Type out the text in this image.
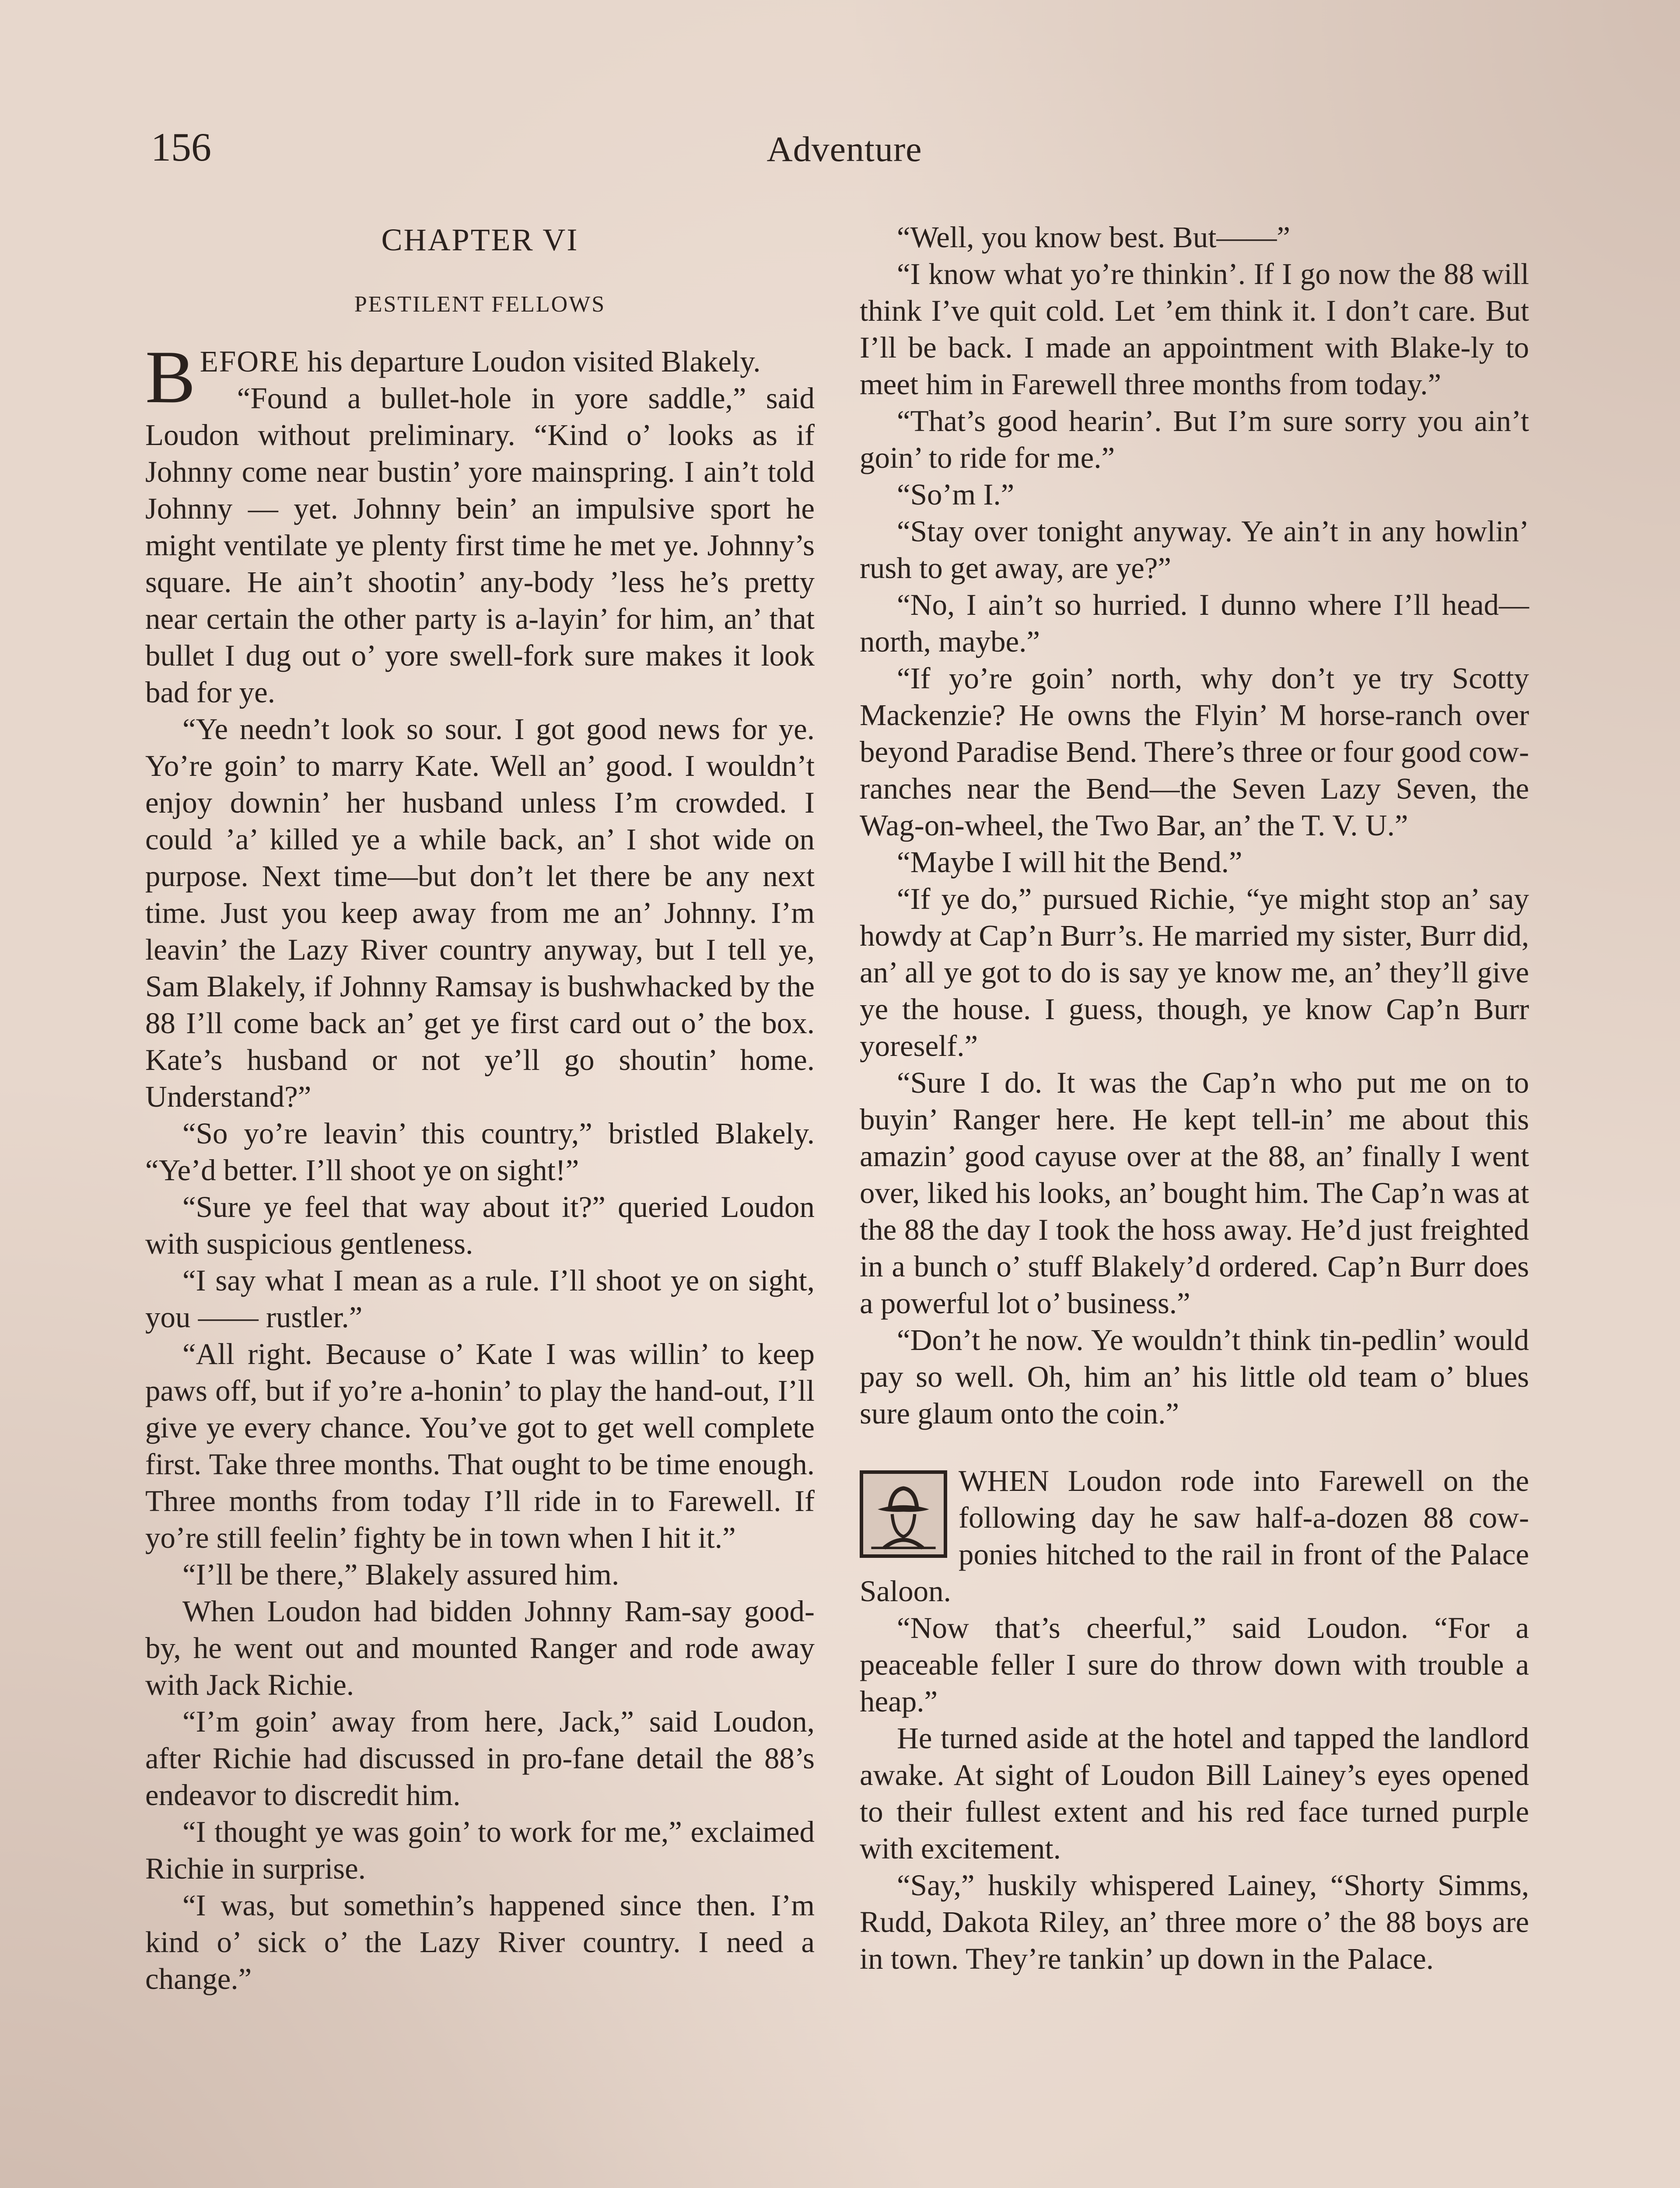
156	Adventure
CHAPTER VI
PESTILENT FELLOWS

BEFORE his departure Loudon visited Blakely.

“Found a bullet-hole in yore saddle,” said Loudon without preliminary. “Kind o’ looks as if Johnny come near bustin’ yore mainspring. I ain’t told Johnny — yet. Johnny bein’ an impulsive sport he might ventilate ye plenty first time he met ye. Johnny’s square. He ain’t shootin’ any-body ’less he’s pretty near certain the other party is a-layin’ for him, an’ that bullet I dug out o’ yore swell-fork sure makes it look bad for ye.

“Ye needn’t look so sour. I got good news for ye. Yo’re goin’ to marry Kate. Well an’ good. I wouldn’t enjoy downin’ her husband unless I’m crowded. I could ’a’ killed ye a while back, an’ I shot wide on purpose. Next time—but don’t let there be any next time. Just you keep away from me an’ Johnny. I’m leavin’ the Lazy River country anyway, but I tell ye, Sam Blakely, if Johnny Ramsay is bushwhacked by the 88 I’ll come back an’ get ye first card out o’ the box. Kate’s husband or not ye’ll go shoutin’ home. Understand?”

“So yo’re leavin’ this country,” bristled Blakely. “Ye’d better. I’ll shoot ye on sight!”

“Sure ye feel that way about it?” queried Loudon with suspicious gentleness.

“I say what I mean as a rule. I’ll shoot ye on sight, you —— rustler.”

“All right. Because o’ Kate I was willin’ to keep paws off, but if yo’re a-honin’ to play the hand-out, I’ll give ye every chance. You’ve got to get well complete first. Take three months. That ought to be time enough. Three months from today I’ll ride in to Farewell. If yo’re still feelin’ fighty be in town when I hit it.”

“I’ll be there,” Blakely assured him.

When Loudon had bidden Johnny Ram-say good-by, he went out and mounted Ranger and rode away with Jack Richie.

“I’m goin’ away from here, Jack,” said Loudon, after Richie had discussed in pro-fane detail the 88’s endeavor to discredit him.

“I thought ye was goin’ to work for me,” exclaimed Richie in surprise.

“I was, but somethin’s happened since then. I’m kind o’ sick o’ the Lazy River country. I need a change.”

“Well, you know best. But——”

“I know what yo’re thinkin’. If I go now the 88 will think I’ve quit cold. Let ’em think it. I don’t care. But I’ll be back. I made an appointment with Blake-ly to meet him in Farewell three months from today.”

“That’s good hearin’. But I’m sure sorry you ain’t goin’ to ride for me.”

“So’m I.”

“Stay over tonight anyway. Ye ain’t in any howlin’ rush to get away, are ye?”

“No, I ain’t so hurried. I dunno where I’ll head—north, maybe.”

“If yo’re goin’ north, why don’t ye try Scotty Mackenzie? He owns the Flyin’ M horse-ranch over beyond Paradise Bend. There’s three or four good cow-ranches near the Bend—the Seven Lazy Seven, the Wag-on-wheel, the Two Bar, an’ the T. V. U.”

“Maybe I will hit the Bend.”

“If ye do,” pursued Richie, “ye might stop an’ say howdy at Cap’n Burr’s. He married my sister, Burr did, an’ all ye got to do is say ye know me, an’ they’ll give ye the house. I guess, though, ye know Cap’n Burr yoreself.”

“Sure I do. It was the Cap’n who put me on to buyin’ Ranger here. He kept tell-in’ me about this amazin’ good cayuse over at the 88, an’ finally I went over, liked his looks, an’ bought him. The Cap’n was at the 88 the day I took the hoss away. He’d just freighted in a bunch o’ stuff Blakely’d ordered. Cap’n Burr does a powerful lot o’ business.”

“Don’t he now. Ye wouldn’t think tin-pedlin’ would pay so well. Oh, him an’ his little old team o’ blues sure glaum onto the coin.”

WHEN Loudon rode into Farewell on the following day he saw half-a-dozen 88 cow-ponies hitched to the rail in front of the Palace Saloon.

“Now that’s cheerful,” said Loudon. “For a peaceable feller I sure do throw down with trouble a heap.”

He turned aside at the hotel and tapped the landlord awake. At sight of Loudon Bill Lainey’s eyes opened to their fullest extent and his red face turned purple with excitement.

“Say,” huskily whispered Lainey, “Shorty Simms, Rudd, Dakota Riley, an’ three more o’ the 88 boys are in town. They’re tankin’ up down in the Palace.
